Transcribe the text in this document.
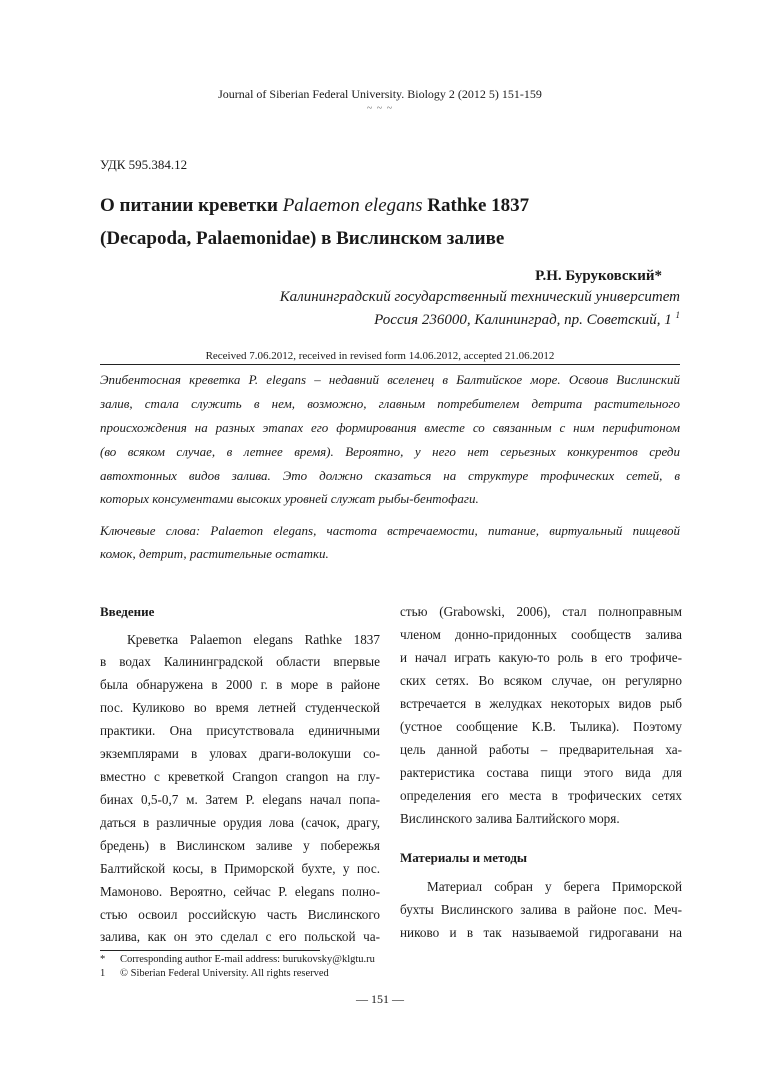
Journal of Siberian Federal University. Biology 2 (2012 5) 151-159
~ ~ ~
УДК 595.384.12
О питании креветки Palaemon elegans Rathke 1837
(Decapoda, Palaemonidae) в Вислинском заливе
Р.Н. Буруковский*
Калининградский государственный технический университет
Россия 236000, Калининград, пр. Советский, 1 $^1$
Received 7.06.2012, received in revised form 14.06.2012, accepted 21.06.2012
Эпибентосная креветка P. elegans – недавний вселенец в Балтийское море. Освоив Вислинский
залив, стала служить в нем, возможно, главным потребителем детрита растительного
происхождения на разных этапах его формирования вместе со связанным с ним перифитоном
(во всяком случае, в летнее время). Вероятно, у него нет серьезных конкурентов среди
автохтонных видов залива. Это должно сказаться на структуре трофических сетей, в
которых консументами высоких уровней служат рыбы-бентофаги.
Ключевые слова: Palaemon elegans, частота встречаемости, питание, виртуальный пищевой
комок, детрит, растительные остатки.
Введение
Креветка Palaemon elegans Rathke 1837
в водах Калининградской области впервые
была обнаружена в 2000 г. в море в районе
пос. Куликово во время летней студенческой
практики. Она присутствовала единичными
экземплярами в уловах драги-волокуши со-
вместно с креветкой Crangon crangon на глу-
бинах 0,5-0,7 м. Затем P. elegans начал попа-
даться в различные орудия лова (сачок, драгу,
бредень) в Вислинском заливе у побережья
Балтийской косы, в Приморской бухте, у пос.
Мамоново. Вероятно, сейчас P. elegans полно-
стью освоил российскую часть Вислинского
залива, как он это сделал с его польской ча-
стью (Grabowski, 2006), стал полноправным
членом донно-придонных сообществ залива
и начал играть какую-то роль в его трофиче-
ских сетях. Во всяком случае, он регулярно
встречается в желудках некоторых видов рыб
(устное сообщение К.В. Тылика). Поэтому
цель данной работы – предварительная ха-
рактеристика состава пищи этого вида для
определения его места в трофических сетях
Вислинского залива Балтийского моря.
Материалы и методы
Материал собран у берега Приморской
бухты Вислинского залива в районе пос. Меч-
никово и в так называемой гидрогавани на
* Corresponding author E-mail address: burukovsky@klgtu.ru
1 © Siberian Federal University. All rights reserved
― 151 ―
